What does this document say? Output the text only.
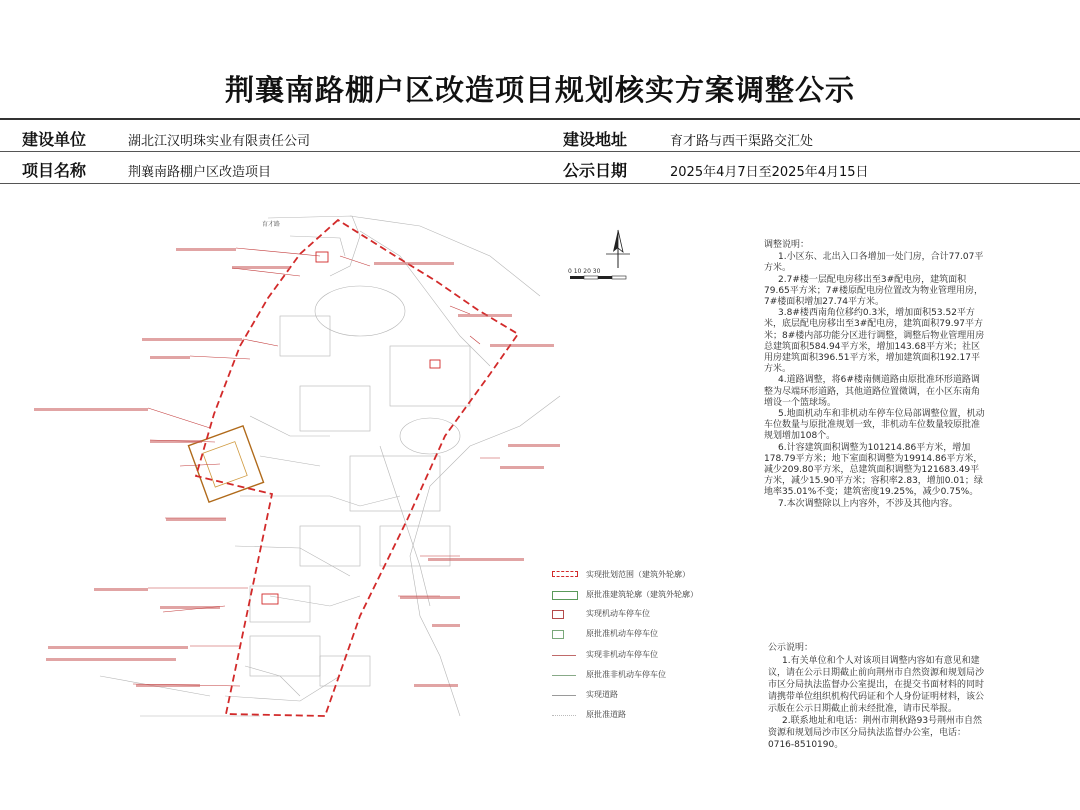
荆襄南路棚户区改造项目规划核实方案调整公示
建设单位	湖北江汉明珠实业有限责任公司	建设地址	育才路与西干渠路交汇处
项目名称	荆襄南路棚户区改造项目	公示日期	2025年4月7日至2025年4月15日
0 10 20 30
育才路
实现批划范围（建筑外轮廓）
原批准建筑轮廓（建筑外轮廓）
实现机动车停车位
原批准机动车停车位
实现非机动车停车位
原批准非机动车停车位
实现道路
原批准道路
调整说明：

1.小区东、北出入口各增加一处门房，合计77.07平方米。

2.7#楼一层配电房移出至3#配电房，建筑面积79.65平方米；7#楼原配电房位置改为物业管理用房，7#楼面积增加27.74平方米。

3.8#楼西南角位移约0.3米，增加面积53.52平方米，底层配电房移出至3#配电房，建筑面积79.97平方米；8#楼内部功能分区进行调整，调整后物业管理用房总建筑面积584.94平方米，增加143.68平方米；社区用房建筑面积396.51平方米，增加建筑面积192.17平方米。

4.道路调整，将6#楼南侧道路由原批准环形道路调整为尽端环形道路，其他道路位置微调，在小区东南角增设一个篮球场。

5.地面机动车和非机动车停车位局部调整位置，机动车位数量与原批准规划一致，非机动车位数量较原批准规划增加108个。

6.计容建筑面积调整为101214.86平方米，增加178.79平方米；地下室面积调整为19914.86平方米，减少209.80平方米，总建筑面积调整为121683.49平方米，减少15.90平方米；容积率2.83，增加0.01；绿地率35.01%不变；建筑密度19.25%，减少0.75%。

7.本次调整除以上内容外，不涉及其他内容。

公示说明：

1.有关单位和个人对该项目调整内容如有意见和建议，请在公示日期截止前向荆州市自然资源和规划局沙市区分局执法监督办公室提出，在提交书面材料的同时请携带单位组织机构代码证和个人身份证明材料，该公示版在公示日期截止前未经批准，请市民举报。

2.联系地址和电话：荆州市荆秋路93号荆州市自然资源和规划局沙市区分局执法监督办公室，电话：0716-8510190。
